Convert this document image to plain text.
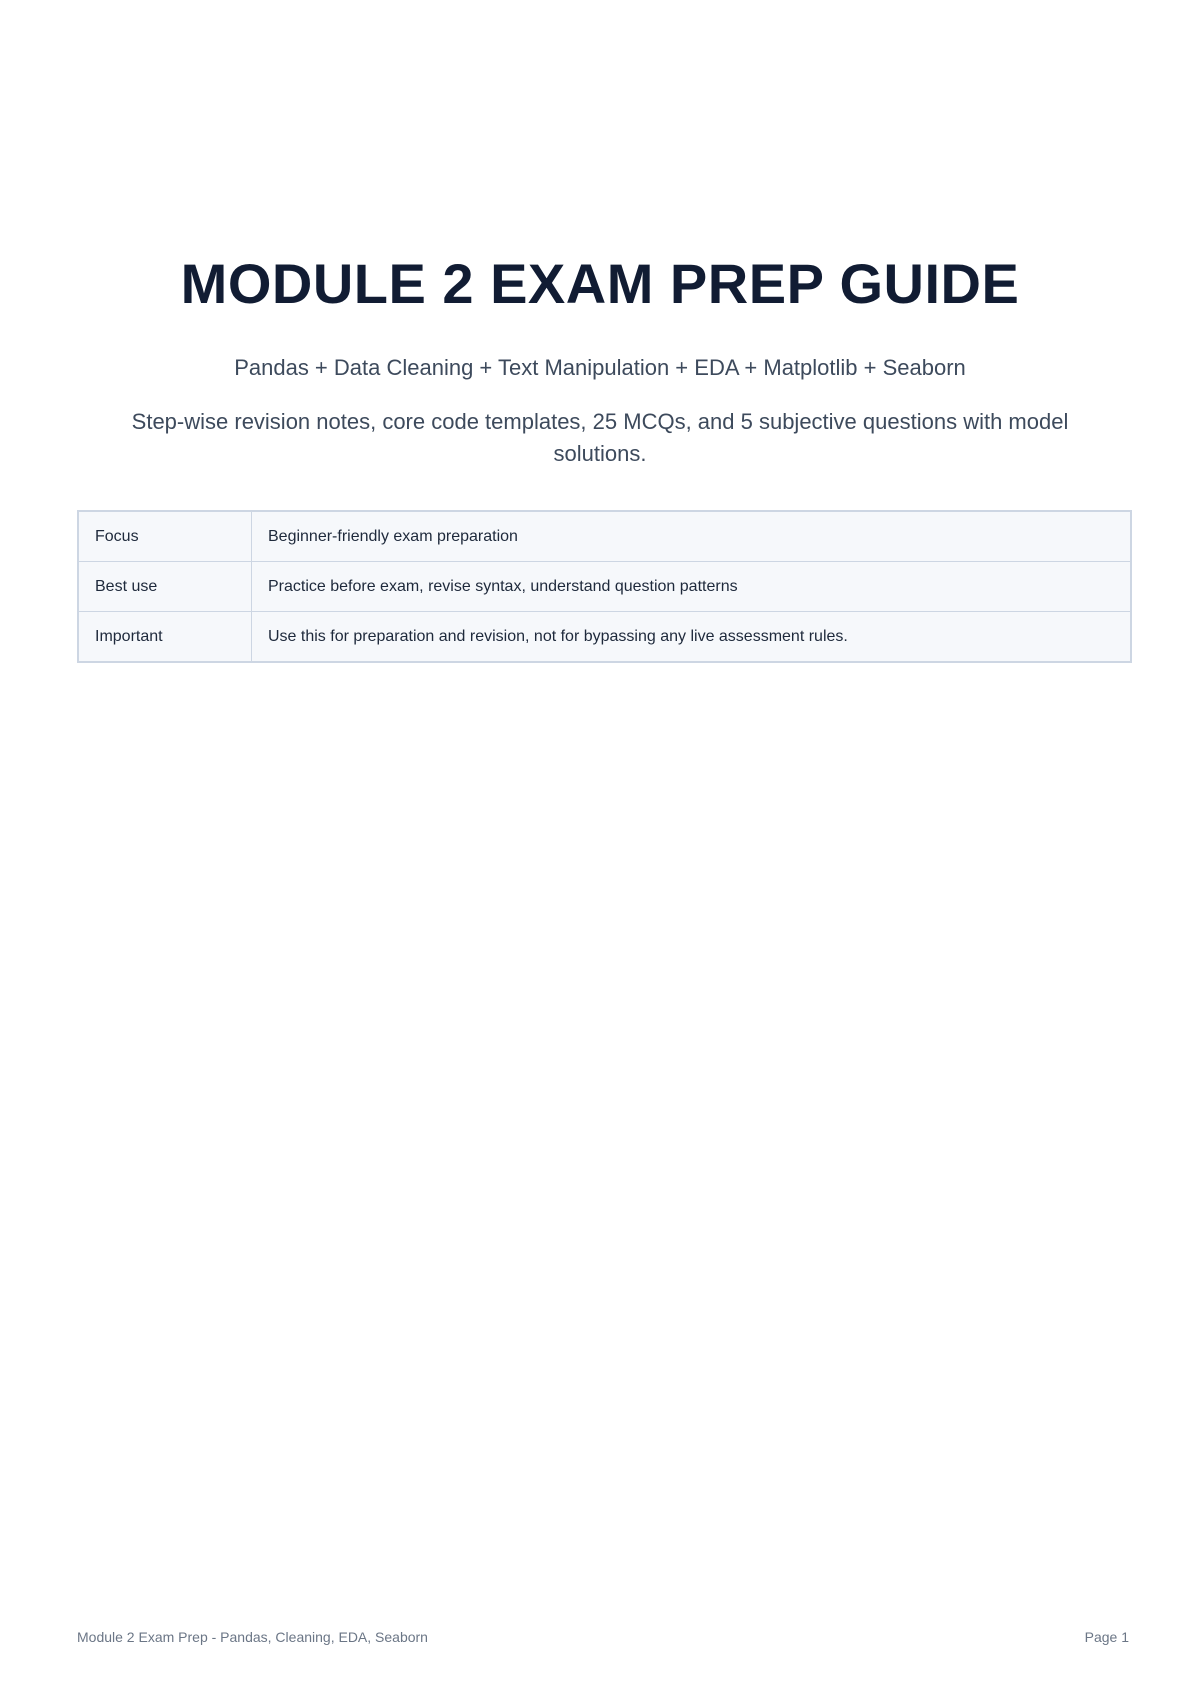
MODULE 2 EXAM PREP GUIDE
Pandas + Data Cleaning + Text Manipulation + EDA + Matplotlib + Seaborn
Step-wise revision notes, core code templates, 25 MCQs, and 5 subjective questions with model solutions.
Focus	Beginner-friendly exam preparation
Best use	Practice before exam, revise syntax, understand question patterns
Important	Use this for preparation and revision, not for bypassing any live assessment rules.
Module 2 Exam Prep - Pandas, Cleaning, EDA, Seaborn	Page 1
